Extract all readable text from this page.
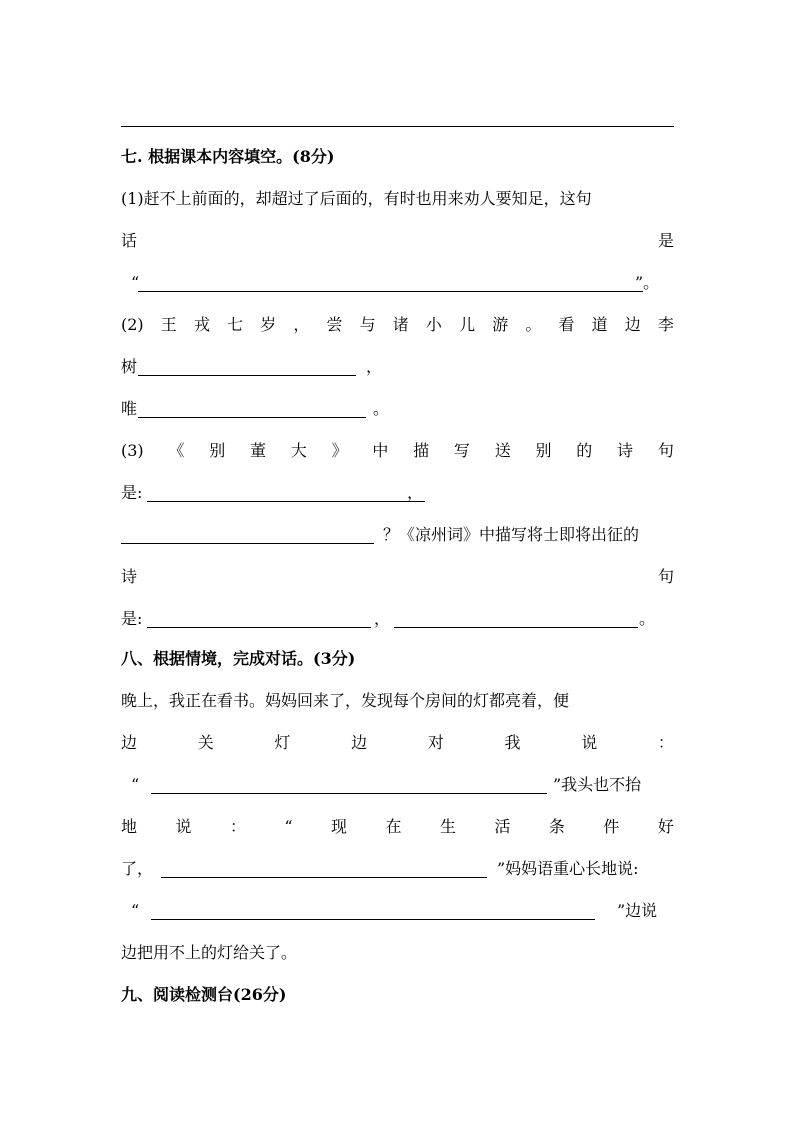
七. 根据课本内容填空。(8分)
(1)赶不上前面的，却超过了后面的，有时也用来劝人要知足，这句
话	是
“	”。
(2) 王 戎 七 岁 ， 尝 与 诸 小 儿 游 。 看 道 边 李
树	，
唯	。
(3) 《 别 董 大 》 中 描 写 送 别 的 诗 句
是:	，
？《凉州词》中描写将士即将出征的
诗	句
是:	，	。
八、根据情境，完成对话。(3分)
晚上，我正在看书。妈妈回来了，发现每个房间的灯都亮着，便
边	关	灯	边	对	我	说	：
“	”我头也不抬
地 说 ： “ 现 在 生 活 条 件 好
了，	”妈妈语重心长地说:
“	”边说
边把用不上的灯给关了。
九、阅读检测台(26分)
